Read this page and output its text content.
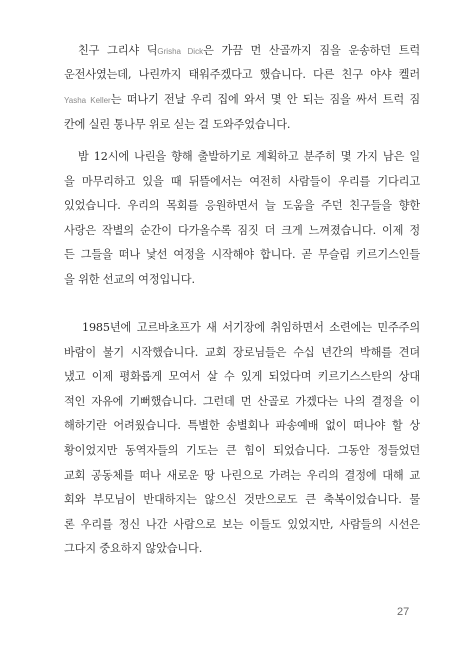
친구 그리샤 딕Grisha Dick은 가끔 먼 산골까지 짐을 운송하던 트럭
운전사였는데, 나린까지 태워주겠다고 했습니다. 다른 친구 야샤 켈러
Yasha Keller는 떠나기 전날 우리 집에 와서 몇 안 되는 짐을 싸서 트럭 짐
칸에 실린 통나무 위로 싣는 걸 도와주었습니다.
밤 12시에 나린을 향해 출발하기로 계획하고 분주히 몇 가지 남은 일
을 마무리하고 있을 때 뒤뜰에서는 여전히 사람들이 우리를 기다리고
있었습니다. 우리의 목회를 응원하면서 늘 도움을 주던 친구들을 향한
사랑은 작별의 순간이 다가올수록 짐짓 더 크게 느껴졌습니다. 이제 정
든 그들을 떠나 낯선 여정을 시작해야 합니다. 곧 무슬림 키르기스인들
을 위한 선교의 여정입니다.
1985년에 고르바초프가 새 서기장에 취임하면서 소련에는 민주주의
바람이 불기 시작했습니다. 교회 장로님들은 수십 년간의 박해를 견뎌
냈고 이제 평화롭게 모여서 살 수 있게 되었다며 키르기스스탄의 상대
적인 자유에 기뻐했습니다. 그런데 먼 산골로 가겠다는 나의 결정을 이
해하기란 어려웠습니다. 특별한 송별회나 파송예배 없이 떠나야 할 상
황이었지만 동역자들의 기도는 큰 힘이 되었습니다. 그동안 정들었던
교회 공동체를 떠나 새로운 땅 나린으로 가려는 우리의 결정에 대해 교
회와 부모님이 반대하지는 않으신 것만으로도 큰 축복이었습니다. 물
론 우리를 정신 나간 사람으로 보는 이들도 있었지만, 사람들의 시선은
그다지 중요하지 않았습니다.
27
